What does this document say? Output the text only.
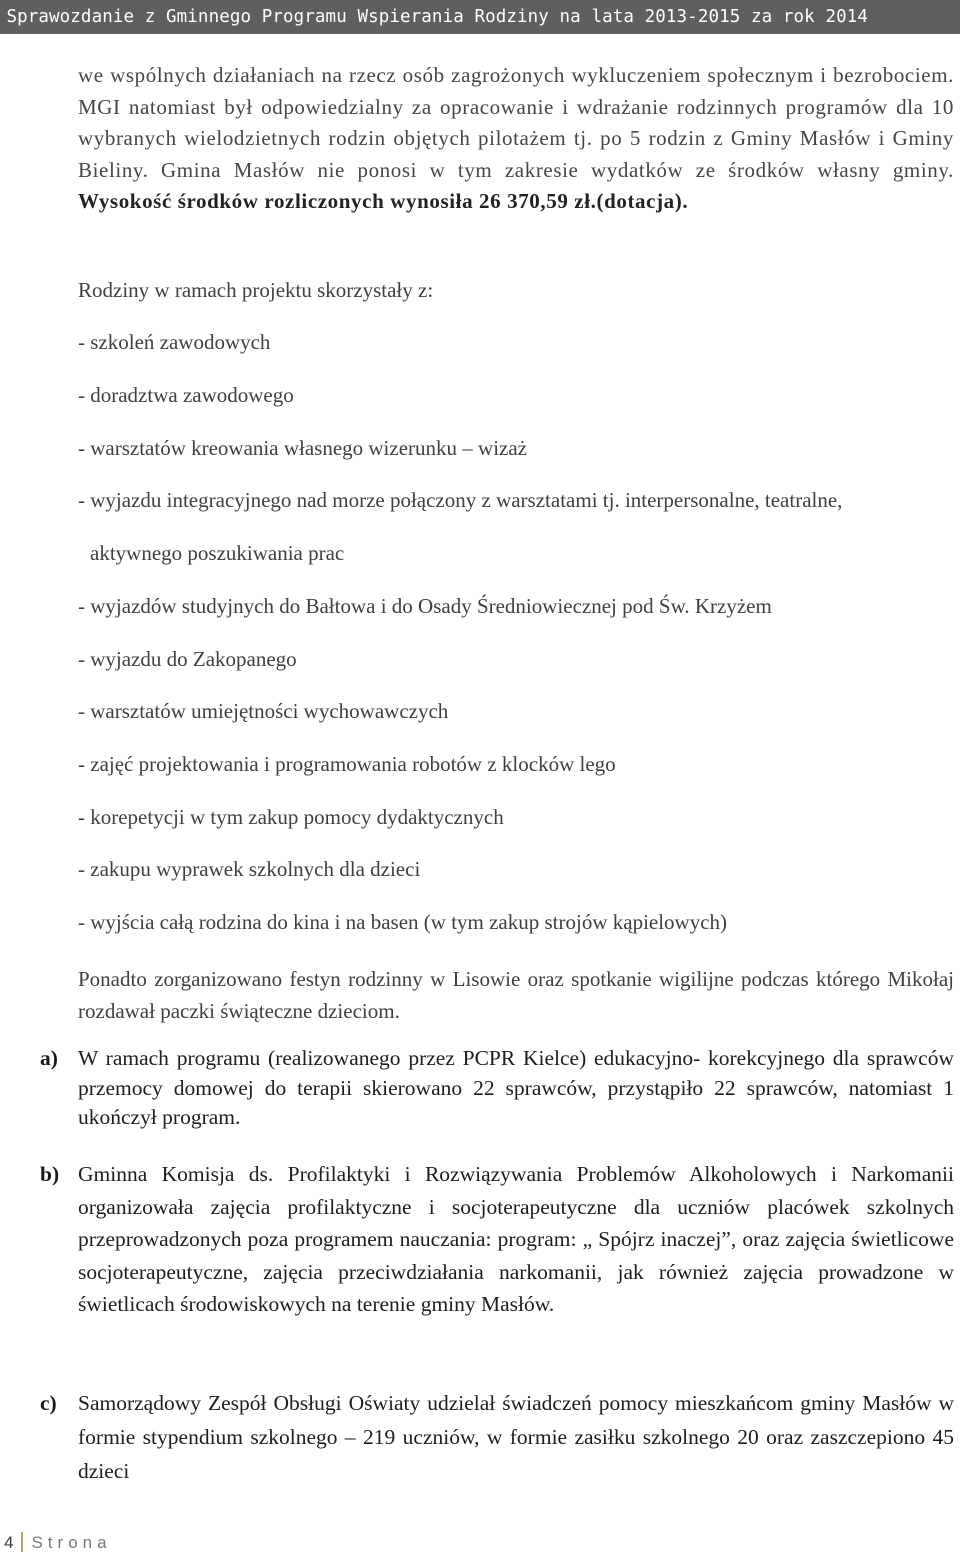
Sprawozdanie z Gminnego Programu Wspierania Rodziny na lata 2013-2015 za rok 2014

we wspólnych działaniach na rzecz osób zagrożonych wykluczeniem społecznym i bezrobociem. MGI natomiast był odpowiedzialny za opracowanie i wdrażanie rodzinnych programów dla 10 wybranych wielodzietnych rodzin objętych pilotażem tj. po 5 rodzin z Gminy Masłów i Gminy Bieliny. Gmina Masłów nie ponosi w tym zakresie wydatków ze środków własny gminy. Wysokość środków rozliczonych wynosiła 26 370,59 zł.(dotacja).

Rodziny w ramach projektu skorzystały z:
- szkoleń zawodowych
- doradztwa zawodowego
- warsztatów kreowania własnego wizerunku – wizaż
- wyjazdu integracyjnego nad morze połączony z warsztatami tj. interpersonalne, teatralne,
aktywnego poszukiwania prac
- wyjazdów studyjnych do Bałtowa i do Osady Średniowiecznej pod Św. Krzyżem
- wyjazdu do Zakopanego
- warsztatów umiejętności wychowawczych
- zajęć projektowania i programowania robotów z klocków lego
- korepetycji w tym zakup pomocy dydaktycznych
- zakupu wyprawek szkolnych dla dzieci
- wyjścia całą rodzina do kina i na basen (w tym zakup strojów kąpielowych)

Ponadto zorganizowano festyn rodzinny w Lisowie oraz spotkanie wigilijne podczas którego Mikołaj rozdawał paczki świąteczne dzieciom.

a) W ramach programu (realizowanego przez PCPR Kielce) edukacyjno- korekcyjnego dla sprawców przemocy domowej do terapii skierowano 22 sprawców, przystąpiło 22 sprawców, natomiast 1 ukończył program.
b) Gminna Komisja ds. Profilaktyki i Rozwiązywania Problemów Alkoholowych i Narkomanii organizowała zajęcia profilaktyczne i socjoterapeutyczne dla uczniów placówek szkolnych przeprowadzonych poza programem nauczania: program: „ Spójrz inaczej”, oraz zajęcia świetlicowe socjoterapeutyczne, zajęcia przeciwdziałania narkomanii, jak również zajęcia prowadzone w świetlicach środowiskowych na terenie gminy Masłów.
c) Samorządowy Zespół Obsługi Oświaty udzielał świadczeń pomocy mieszkańcom gminy Masłów w formie stypendium szkolnego – 219 uczniów, w formie zasiłku szkolnego 20 oraz zaszczepiono 45 dzieci
4 Strona
